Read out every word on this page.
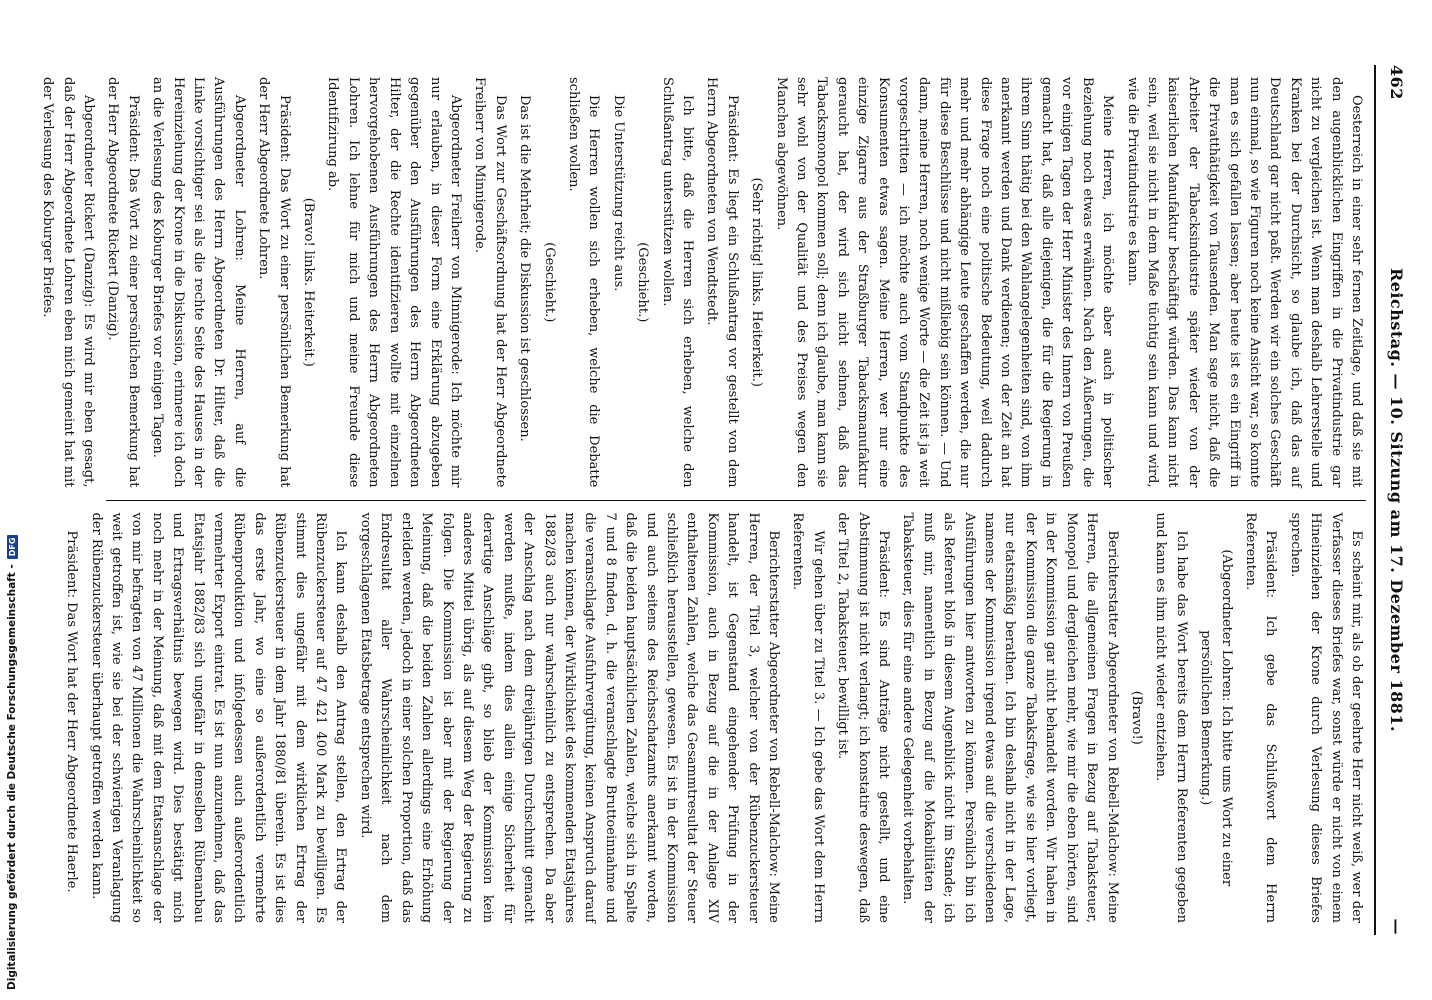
462
Reichstag. — 10. Sitzung am 17. Dezember 1881.
—

Oesterreich in einer sehr fernen Zeitlage, und daß sie mit den augenblicklichen Eingriffen in die Privatindustrie gar nicht zu vergleichen ist. Wenn man deshalb Lehrerstelle und Kranken bei der Durchsicht, so glaube ich, daß das auf Deutschland gar nicht paßt. Werden wir ein solches Geschäft nun einmal, so wie Figuren noch keine Ansicht war, so konnte man es sich gefallen lassen; aber heute ist es ein Eingriff in die Privatthätigkeit von Tausenden. Man sage nicht, daß die Arbeiter der Tabacksindustrie später wieder von der kaiserlichen Manufaktur beschäftigt würden. Das kann nicht sein, weil sie nicht in dem Maße tüchtig sein kann und wird, wie die Privatindustrie es kann.

Meine Herren, ich möchte aber auch in politischer Beziehung noch etwas erwähnen. Nach den Äußerungen, die vor einigen Tagen der Herr Minister des Innern von Preußen gemacht hat, daß alle diejenigen, die für die Regierung in ihrem Sinn thätig bei den Wahlangelegenheiten sind, von ihm anerkannt werden und Dank verdienen; von der Zeit an hat diese Frage noch eine politische Bedeutung, weil dadurch mehr und mehr abhängige Leute geschaffen werden, die nur für diese Beschlüsse und nicht mißliebig sein können. — Und dann, meine Herren, noch wenige Worte — die Zeit ist ja weit vorgeschritten — ich möchte auch vom Standpunkte des Konsumenten etwas sagen. Meine Herren, wer nur eine einzige Zigarre aus der Straßburger Tabacksmanufaktur geraucht hat, der wird sich nicht sehnen, daß das Tabacksmonopol kommen soll; denn ich glaube, man kann sie sehr wohl von der Qualität und des Preises wegen den Manchen abgewöhnen.

(Sehr richtig! links. Heiterkeit.)

Präsident: Es liegt ein Schlußantrag vor gestellt von dem Herrn Abgeordneten von Wendtstedt.

Ich bitte, daß die Herren sich erheben, welche den Schlußantrag unterstützen wollen.

(Geschieht.)

Die Unterstützung reicht aus.

Die Herren wollen sich erheben, welche die Debatte schließen wollen.

(Geschieht.)

Das ist die Mehrheit; die Diskussion ist geschlossen.

Das Wort zur Geschäftsordnung hat der Herr Abgeordnete Freiherr von Minnigerode.

Abgeordneter Freiherr von Minnigerode: Ich möchte mir nur erlauben, in dieser Form eine Erklärung abzugeben gegenüber den Ausführungen des Herrn Abgeordneten Hilter, der die Rechte identifizieren wollte mit einzelnen hervorgehobenen Ausführungen des Herrn Abgeordneten Lohren. Ich lehne für mich und meine Freunde diese Identifizirung ab.

(Bravo! links. Heiterkeit.)

Präsident: Das Wort zu einer persönlichen Bemerkung hat der Herr Abgeordnete Lohren.

Abgeordneter Lohren: Meine Herren, auf die Ausführungen des Herrn Abgeordneten Dr. Hilter, daß die Linke vorsichtiger sei als die rechte Seite des Hauses in der Hereinziehung der Krone in die Diskussion, erinnere ich doch an die Verlesung des Koburger Briefes vor einigen Tagen.

Präsident: Das Wort zu einer persönlichen Bemerkung hat der Herr Abgeordnete Rickert (Danzig).

Abgeordneter Rickert (Danzig): Es wird mir eben gesagt, daß der Herr Abgeordnete Lohren eben mich gemeint hat mit der Verlesung des Koburger Briefes.

Es scheint mir, als ob der geehrte Herr nicht weiß, wer der Verfasser dieses Briefes war, sonst würde er nicht von einem Hineinziehen der Krone durch Verlesung dieses Briefes sprechen.

Präsident: Ich gebe das Schlußwort dem Herrn Referenten.

(Abgeordneter Lohren: Ich bitte ums Wort zu einer persönlichen Bemerkung.)

Ich habe das Wort bereits dem Herrn Referenten gegeben und kann es ihm nicht wieder entziehen.

(Bravo!)

Berichterstatter Abgeordneter von Rebell-Malchow: Meine Herren, die allgemeinen Fragen in Bezug auf Tabaksteuer, Monopol und dergleichen mehr, wie mir die eben hörten, sind in der Kommission gar nicht behandelt worden. Wir haben in der Kommission die ganze Tabaksfrage, wie sie hier vorliegt, nur etatsmäßig berathen. Ich bin deshalb nicht in der Lage, namens der Kommission irgend etwas auf die verschiedenen Ausführungen hier antworten zu können. Persönlich bin ich als Referent bloß in diesem Augenblick nicht im Stande; ich muß mir, namentlich in Bezug auf die Mokabilitäten der Tabaksteuer, dies für eine andere Gelegenheit vorbehalten.

Präsident: Es sind Anträge nicht gestellt, und eine Abstimmung ist nicht verlangt; ich konstatire deswegen, daß der Titel 2, Tabaksteuer, bewilligt ist.

Wir gehen über zu Titel 3. — Ich gebe das Wort dem Herrn Referenten.

Berichterstatter Abgeordneter von Rebell-Malchow: Meine Herren, der Titel 3, welcher von der Rübenzuckersteuer handelt, ist Gegenstand eingehender Prüfung in der Kommission, auch in Bezug auf die in der Anlage XIV enthaltenen Zahlen, welche das Gesammtresultat der Steuer schließlich herausstellen, gewesen. Es ist in der Kommission und auch seitens des Reichsschatzamts anerkannt worden, daß die beiden hauptsächlichen Zahlen, welche sich in Spalte 7 und 8 finden, d. h. die veranschlagte Bruttoeinnahme und die veranschlagte Ausfuhrvergütung, keinen Anspruch darauf machen können, der Wirklichkeit des kommenden Etatsjahres 1882/83 auch nur wahrscheinlich zu entsprechen. Da aber der Anschlag nach dem dreijährigen Durchschnitt gemacht werden mußte, indem dies allein einige Sicherheit für derartige Anschläge gibt, so blieb der Kommission kein anderes Mittel übrig, als auf diesem Weg der Regierung zu folgen. Die Kommission ist aber mit der Regierung der Meinung, daß die beiden Zahlen allerdings eine Erhöhung erleiden werden, jedoch in einer solchen Proportion, daß das Endresultat aller Wahrscheinlichkeit nach dem vorgeschlagenen Etatsbetrage entsprechen wird.

Ich kann deshalb den Antrag stellen, den Ertrag der Rübenzuckersteuer auf 47 421 400 Mark zu bewilligen. Es stimmt dies ungefähr mit dem wirklichen Ertrag der Rübenzuckersteuer in dem Jahr 1880/81 überein. Es ist dies das erste Jahr, wo eine so außerordentlich vermehrte Rübenproduktion und infolgedessen auch außerordentlich vermehrter Export eintrat. Es ist nun anzunehmen, daß das Etatsjahr 1882/83 sich ungefähr in demselben Rübenanbau und Ertragsverhältnis bewegen wird. Dies bestätigt mich noch mehr in der Meinung, daß mit dem Etatsanschlage der von mir befragten von 47 Millionen die Wahrscheinlichkeit so weit getroffen ist, wie sie bei der schwierigen Veranlagung der Rübenzuckersteuer überhaupt getroffen werden kann.

Präsident: Das Wort hat der Herr Abgeordnete Haerle.

Digitalisierung gefördert durch die Deutsche Forschungsgemeinschaft -
DFG
